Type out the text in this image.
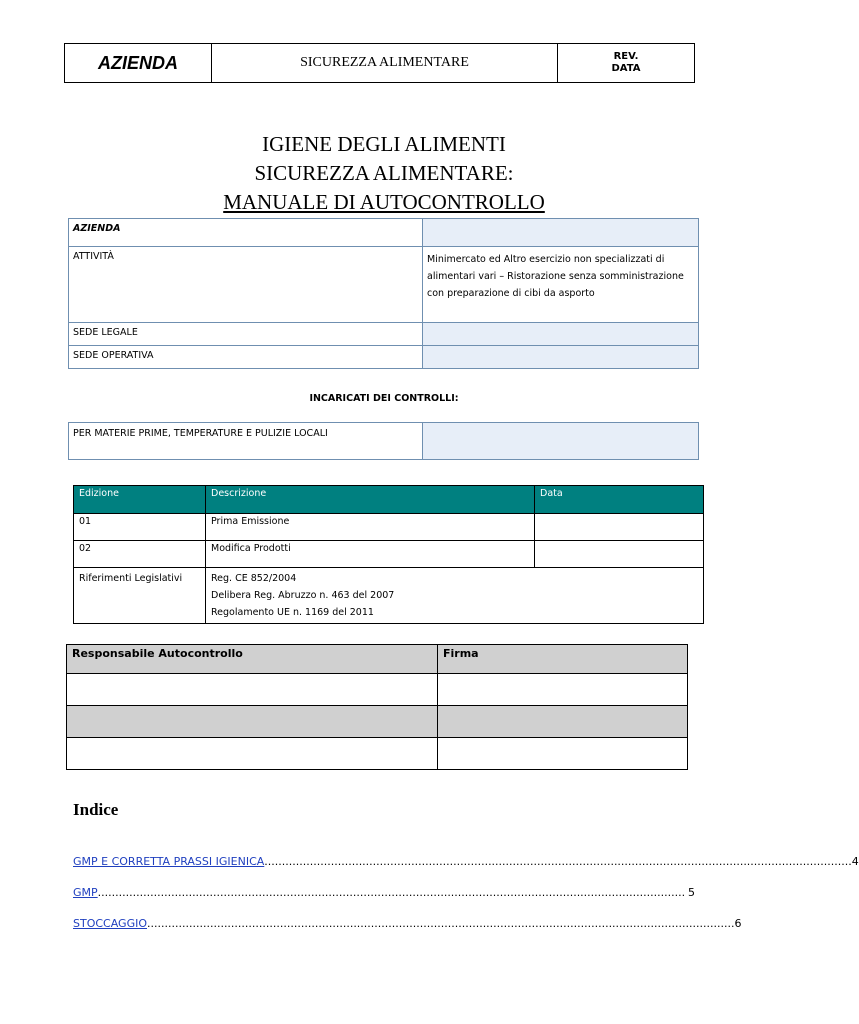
AZIENDA	SICUREZZA ALIMENTARE	REV.
DATA
IGIENE DEGLI ALIMENTI
SICUREZZA ALIMENTARE:
MANUALE DI AUTOCONTROLLO
AZIENDA	
ATTIVITÀ	Minimercato ed Altro esercizio non specializzati di alimentari vari – Ristorazione senza somministrazione con preparazione di cibi da asporto
SEDE LEGALE	
SEDE OPERATIVA	
INCARICATI DEI CONTROLLI:
PER MATERIE PRIME, TEMPERATURE E PULIZIE LOCALI	
Edizione	Descrizione	Data
01	Prima Emissione	
02	Modifica Prodotti	
Riferimenti Legislativi	Reg. CE 852/2004
Delibera Reg. Abruzzo n. 463 del 2007
Regolamento UE n. 1169 del 2011	
Responsabile Autocontrollo	Firma

Indice
GMP E CORRETTA PRASSI IGIENICA ........................................................................................................................................................................ 4
GMP ........................................................................................................................................................................ 5
STOCCAGGIO ........................................................................................................................................................................ 6
